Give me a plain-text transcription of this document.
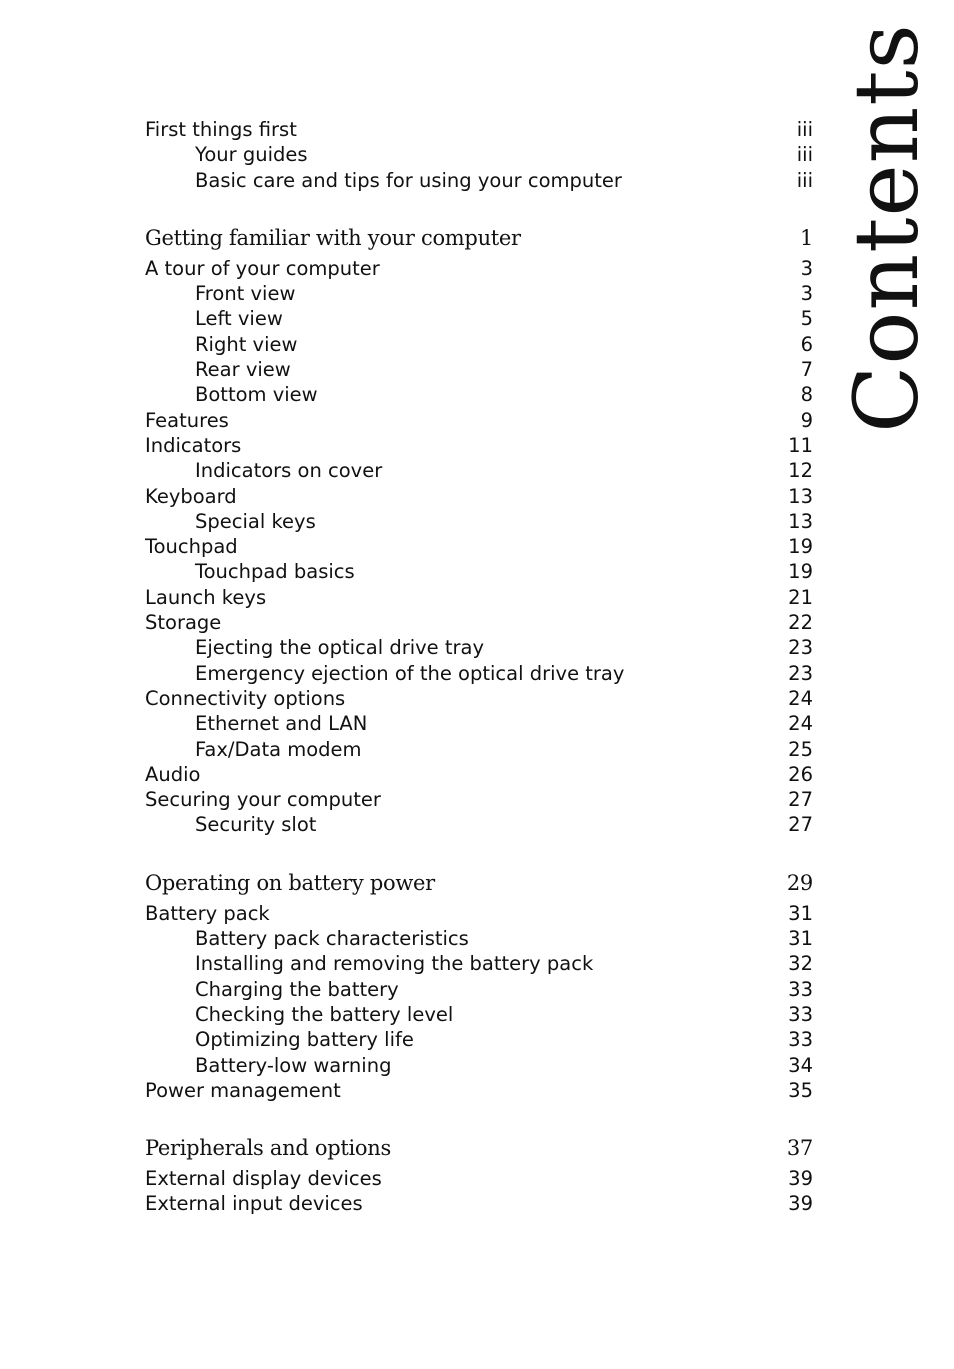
Contents
First things first	iii
Your guides	iii
Basic care and tips for using your computer	iii
Getting familiar with your computer	1
A tour of your computer	3
Front view	3
Left view	5
Right view	6
Rear view	7
Bottom view	8
Features	9
Indicators	11
Indicators on cover	12
Keyboard	13
Special keys	13
Touchpad	19
Touchpad basics	19
Launch keys	21
Storage	22
Ejecting the optical drive tray	23
Emergency ejection of the optical drive tray	23
Connectivity options	24
Ethernet and LAN	24
Fax/Data modem	25
Audio	26
Securing your computer	27
Security slot	27
Operating on battery power	29
Battery pack	31
Battery pack characteristics	31
Installing and removing the battery pack	32
Charging the battery	33
Checking the battery level	33
Optimizing battery life	33
Battery-low warning	34
Power management	35
Peripherals and options	37
External display devices	39
External input devices	39
